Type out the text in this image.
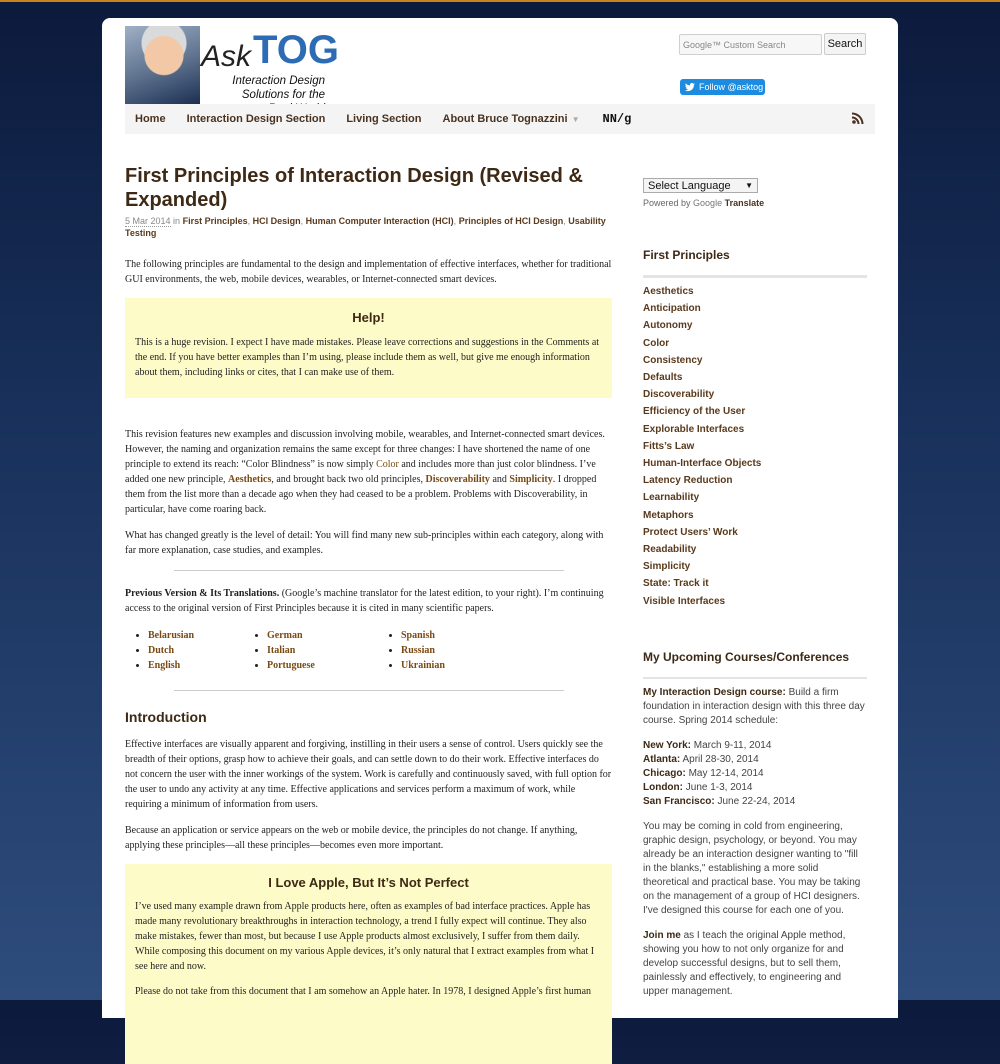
Ask TOG
Interaction Design Solutions for the
Google™ Custom Search	Search
Follow @asktog
Home Interaction Design Section Living Section About Bruce Tognazzini ▼ NN/g
First Principles of Interaction Design (Revised & Expanded)
5 Mar 2014 in First Principles, HCI Design, Human Computer Interaction (HCI), Principles of HCI Design, Usability Testing

The following principles are fundamental to the design and implementation of effective interfaces, whether for traditional GUI environments, the web, mobile devices, wearables, or Internet-connected smart devices.

Help!

This is a huge revision. I expect I have made mistakes. Please leave corrections and suggestions in the Comments at the end. If you have better examples than I’m using, please include them as well, but give me enough information about them, including links or cites, that I can make use of them.

This revision features new examples and discussion involving mobile, wearables, and Internet-connected smart devices. However, the naming and organization remains the same except for three changes: I have shortened the name of one principle to extend its reach: “Color Blindness” is now simply Color and includes more than just color blindness. I’ve added one new principle, Aesthetics, and brought back two old principles, Discoverability and Simplicity. I dropped them from the list more than a decade ago when they had ceased to be a problem. Problems with Discoverability, in particular, have come roaring back.

What has changed greatly is the level of detail: You will find many new sub-principles within each category, along with far more explanation, case studies, and examples.

Previous Version & Its Translations. (Google’s machine translator for the latest edition, to your right). I’m continuing access to the original version of First Principles because it is cited in many scientific papers.

• Belarusian
• Dutch
• English
• German
• Italian
• Portuguese
• Spanish
• Russian
• Ukrainian
Introduction

Effective interfaces are visually apparent and forgiving, instilling in their users a sense of control. Users quickly see the breadth of their options, grasp how to achieve their goals, and can settle down to do their work. Effective interfaces do not concern the user with the inner workings of the system. Work is carefully and continuously saved, with full option for the user to undo any activity at any time. Effective applications and services perform a maximum of work, while requiring a minimum of information from users.

Because an application or service appears on the web or mobile device, the principles do not change. If anything, applying these principles—all these principles—becomes even more important.

I Love Apple, But It’s Not Perfect

I’ve used many example drawn from Apple products here, often as examples of bad interface practices. Apple has made many revolutionary breakthroughs in interaction technology, a trend I fully expect will continue. They also make mistakes, fewer than most, but because I use Apple products almost exclusively, I suffer from them daily. While composing this document on my various Apple devices, it’s only natural that I extract examples from what I see here and now.

Please do not take from this document that I am somehow an Apple hater. In 1978, I designed Apple’s first human

Select Language ▼
Powered by Google Translate
First Principles
Aesthetics
Anticipation
Autonomy
Color
Consistency
Defaults
Discoverability
Efficiency of the User
Explorable Interfaces
Fitts’s Law
Human-Interface Objects
Latency Reduction
Learnability
Metaphors
Protect Users’ Work
Readability
Simplicity
State: Track it
Visible Interfaces
My Upcoming Courses/Conferences

My Interaction Design course: Build a firm foundation in interaction design with this three day course. Spring 2014 schedule:

New York: March 9-11, 2014

Atlanta: April 28-30, 2014

Chicago: May 12-14, 2014

London: June 1-3, 2014

San Francisco: June 22-24, 2014

You may be coming in cold from engineering, graphic design, psychology, or beyond. You may already be an interaction designer wanting to "fill in the blanks," establishing a more solid theoretical and practical base. You may be taking on the management of a group of HCI designers. I've designed this course for each one of you.

Join me as I teach the original Apple method, showing you how to not only organize for and develop successful designs, but to sell them, painlessly and effectively, to engineering and upper management.
